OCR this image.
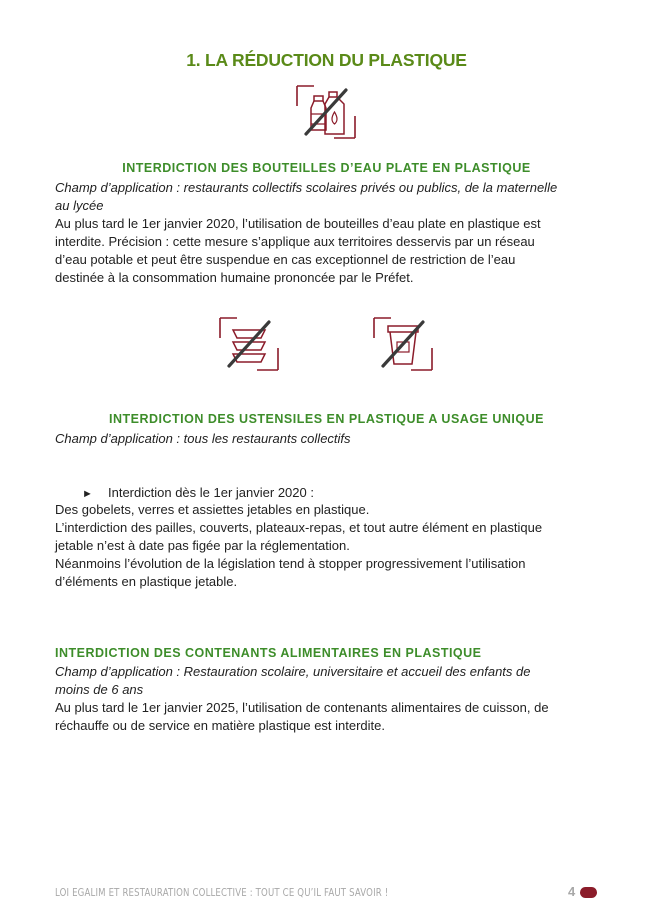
1. LA RÉDUCTION DU PLASTIQUE
INTERDICTION DES BOUTEILLES D’EAU PLATE EN PLASTIQUE
Champ d’application : restaurants collectifs scolaires privés ou publics, de la maternelle
au lycée
Au plus tard le 1er janvier 2020, l’utilisation de bouteilles d’eau plate en plastique est
interdite. Précision : cette mesure s’applique aux territoires desservis par un réseau
d’eau potable et peut être suspendue en cas exceptionnel de restriction de l’eau
destinée à la consommation humaine prononcée par le Préfet.
INTERDICTION DES USTENSILES EN PLASTIQUE A USAGE UNIQUE
Champ d’application : tous les restaurants collectifs
► Interdiction dès le 1er janvier 2020 :
Des gobelets, verres et assiettes jetables en plastique.
L’interdiction des pailles, couverts, plateaux-repas, et tout autre élément en plastique
jetable n’est à date pas figée par la réglementation.
Néanmoins l’évolution de la législation tend à stopper progressivement l’utilisation
d’éléments en plastique jetable.
INTERDICTION DES CONTENANTS ALIMENTAIRES EN PLASTIQUE
Champ d’application : Restauration scolaire, universitaire et accueil des enfants de
moins de 6 ans
Au plus tard le 1er janvier 2025, l’utilisation de contenants alimentaires de cuisson, de
réchauffe ou de service en matière plastique est interdite.
LOI EGALIM ET RESTAURATION COLLECTIVE : TOUT CE QU’IL FAUT SAVOIR !	4
